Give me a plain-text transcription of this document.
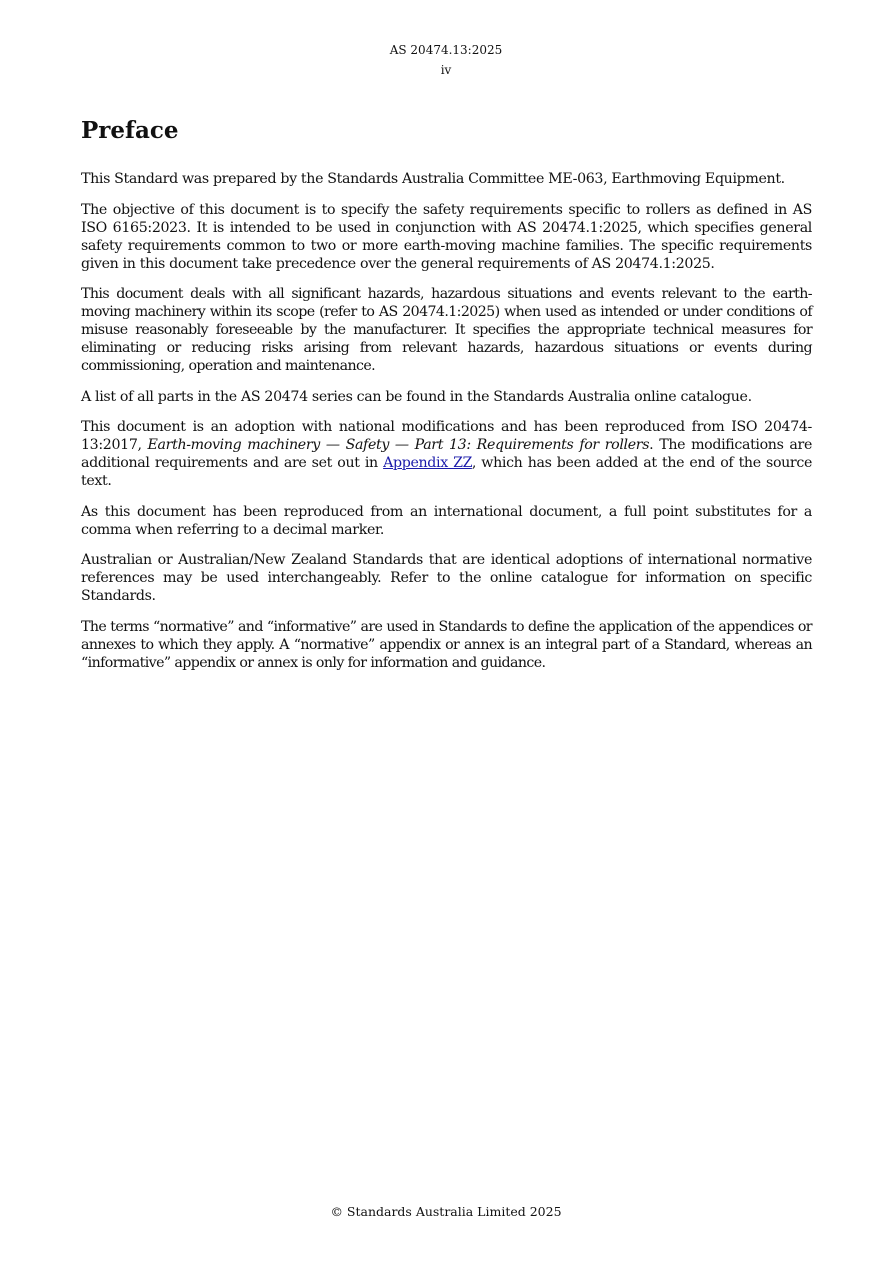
AS 20474.13:2025
iv
Preface

This Standard was prepared by the Standards Australia Committee ME-063, Earthmoving Equipment.

The objective of this document is to specify the safety requirements specific to rollers as defined in AS ISO 6165:2023. It is intended to be used in conjunction with AS 20474.1:2025, which specifies general safety requirements common to two or more earth-moving machine families. The specific requirements given in this document take precedence over the general requirements of AS 20474.1:2025.

This document deals with all significant hazards, hazardous situations and events relevant to the earth-moving machinery within its scope (refer to AS 20474.1:2025) when used as intended or under conditions of misuse reasonably foreseeable by the manufacturer. It specifies the appropriate technical measures for eliminating or reducing risks arising from relevant hazards, hazardous situations or events during commissioning, operation and maintenance.

A list of all parts in the AS 20474 series can be found in the Standards Australia online catalogue.

This document is an adoption with national modifications and has been reproduced from ISO 20474-13:2017, Earth-moving machinery — Safety — Part 13: Requirements for rollers. The modifications are additional requirements and are set out in Appendix ZZ, which has been added at the end of the source text.

As this document has been reproduced from an international document, a full point substitutes for a comma when referring to a decimal marker.

Australian or Australian/New Zealand Standards that are identical adoptions of international normative references may be used interchangeably. Refer to the online catalogue for information on specific Standards.

The terms “normative” and “informative” are used in Standards to define the application of the appendices or annexes to which they apply. A “normative” appendix or annex is an integral part of a Standard, whereas an “informative” appendix or annex is only for information and guidance.

© Standards Australia Limited 2025
